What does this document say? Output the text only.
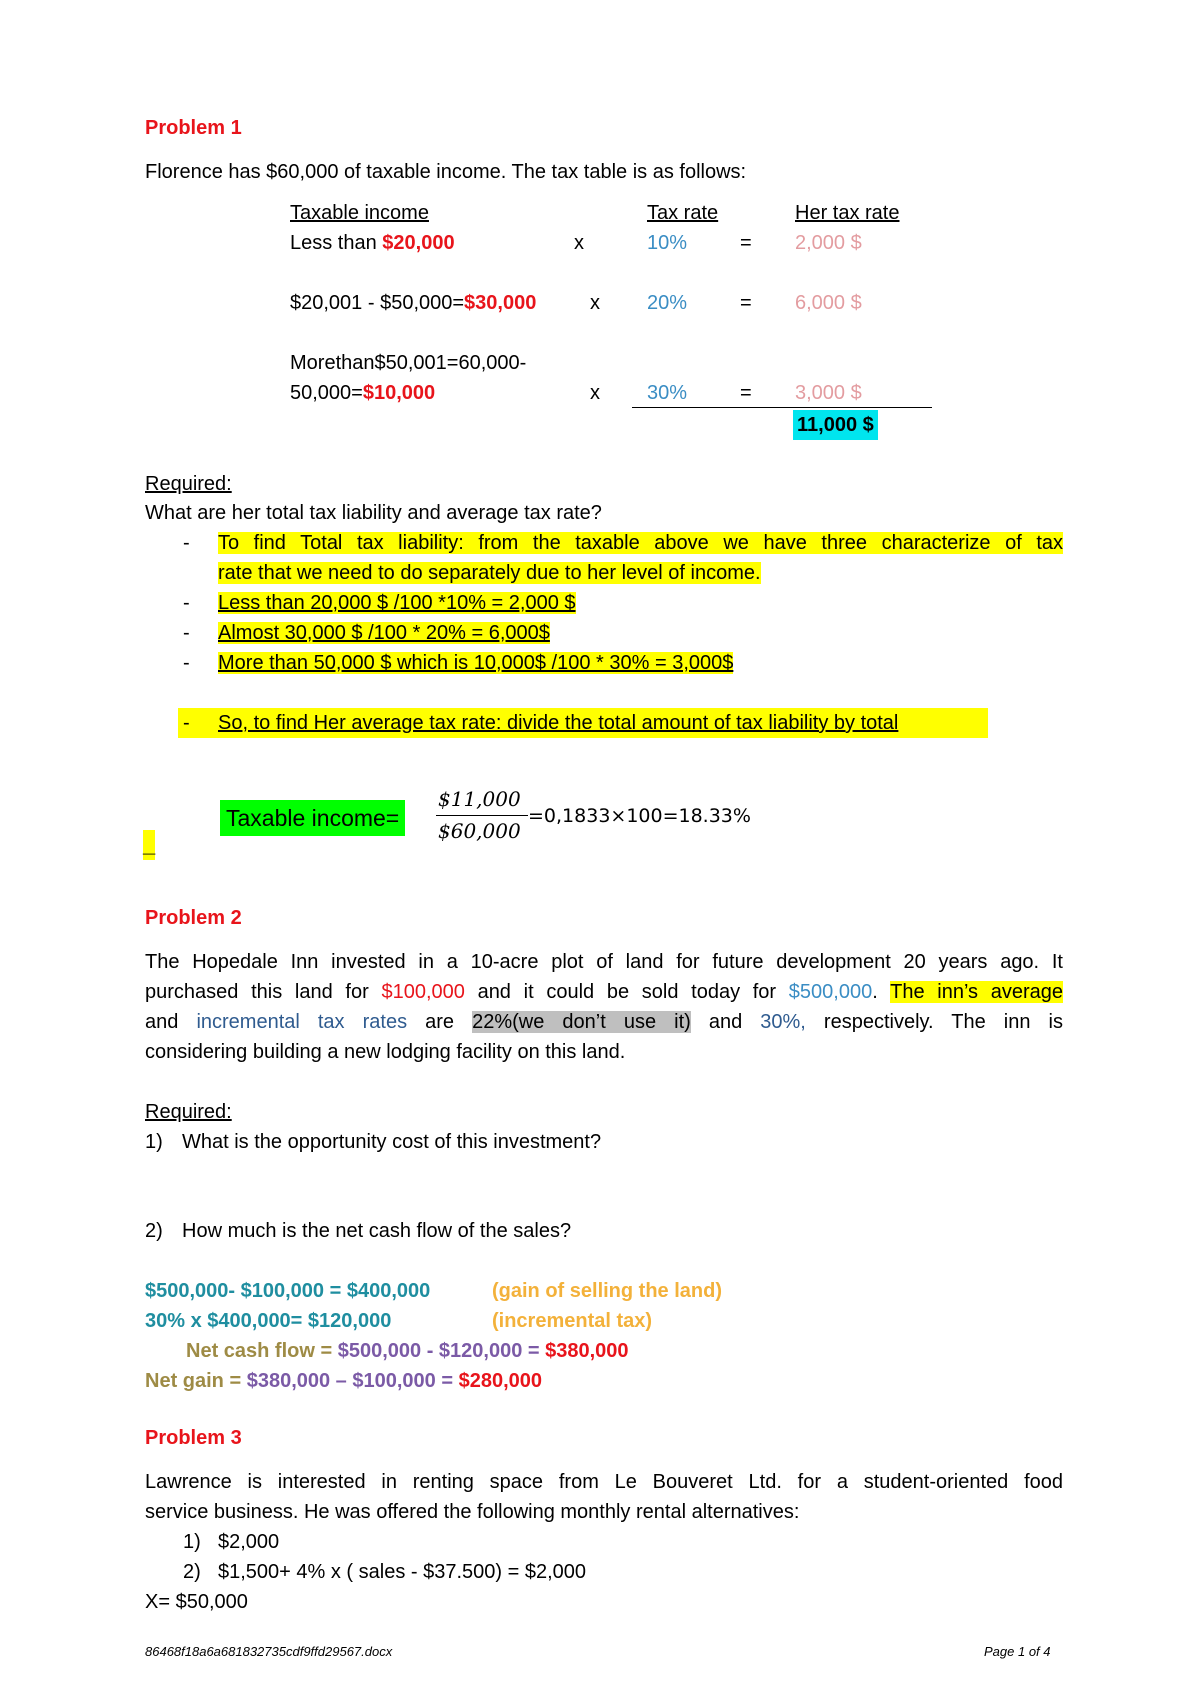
Problem 1
Florence has $60,000 of taxable income. The tax table is as follows:
Taxable income	Tax rate	Her tax rate
Less than $20,000	x	10%	= 2,000 $
$20,001 - $50,000=$30,000	x 20%	= 6,000 $
Morethan$50,001=60,000-
50,000=$10,000	x 30%	= 3,000 $
11,000 $
Required:
What are her total tax liability and average tax rate?
- To find Total tax liability: from the taxable above we have three characterize of tax
rate that we need to do separately due to her level of income.
- Less than 20,000 $ /100 *10% = 2,000 $
- Almost 30,000 $ /100 * 20% = 6,000$
- More than 50,000 $ which is 10,000$ /100 * 30% = 3,000$
- So, to find Her average tax rate: divide the total amount of tax liability by total
Taxable income=
$11,000
$60,000
=0,1833×100=18.33%
_
Problem 2
The Hopedale Inn invested in a 10-acre plot of land for future development 20 years ago. It
purchased this land for $100,000 and it could be sold today for $500,000. The inn’s average
and incremental tax rates are 22%(we don’t use it) and 30%, respectively. The inn is
considering building a new lodging facility on this land.
Required:
1) What is the opportunity cost of this investment?
2) How much is the net cash flow of the sales?
$500,000- $100,000 = $400,000	(gain of selling the land)
30% x $400,000= $120,000	(incremental tax)
Net cash flow = $500,000 - $120,000 = $380,000
Net gain = $380,000 – $100,000 = $280,000
Problem 3
Lawrence is interested in renting space from Le Bouveret Ltd. for a student-oriented food
service business. He was offered the following monthly rental alternatives:
1) $2,000
2) $1,500+ 4% x ( sales - $37.500) = $2,000
X= $50,000
86468f18a6a681832735cdf9ffd29567.docx	Page 1 of 4
